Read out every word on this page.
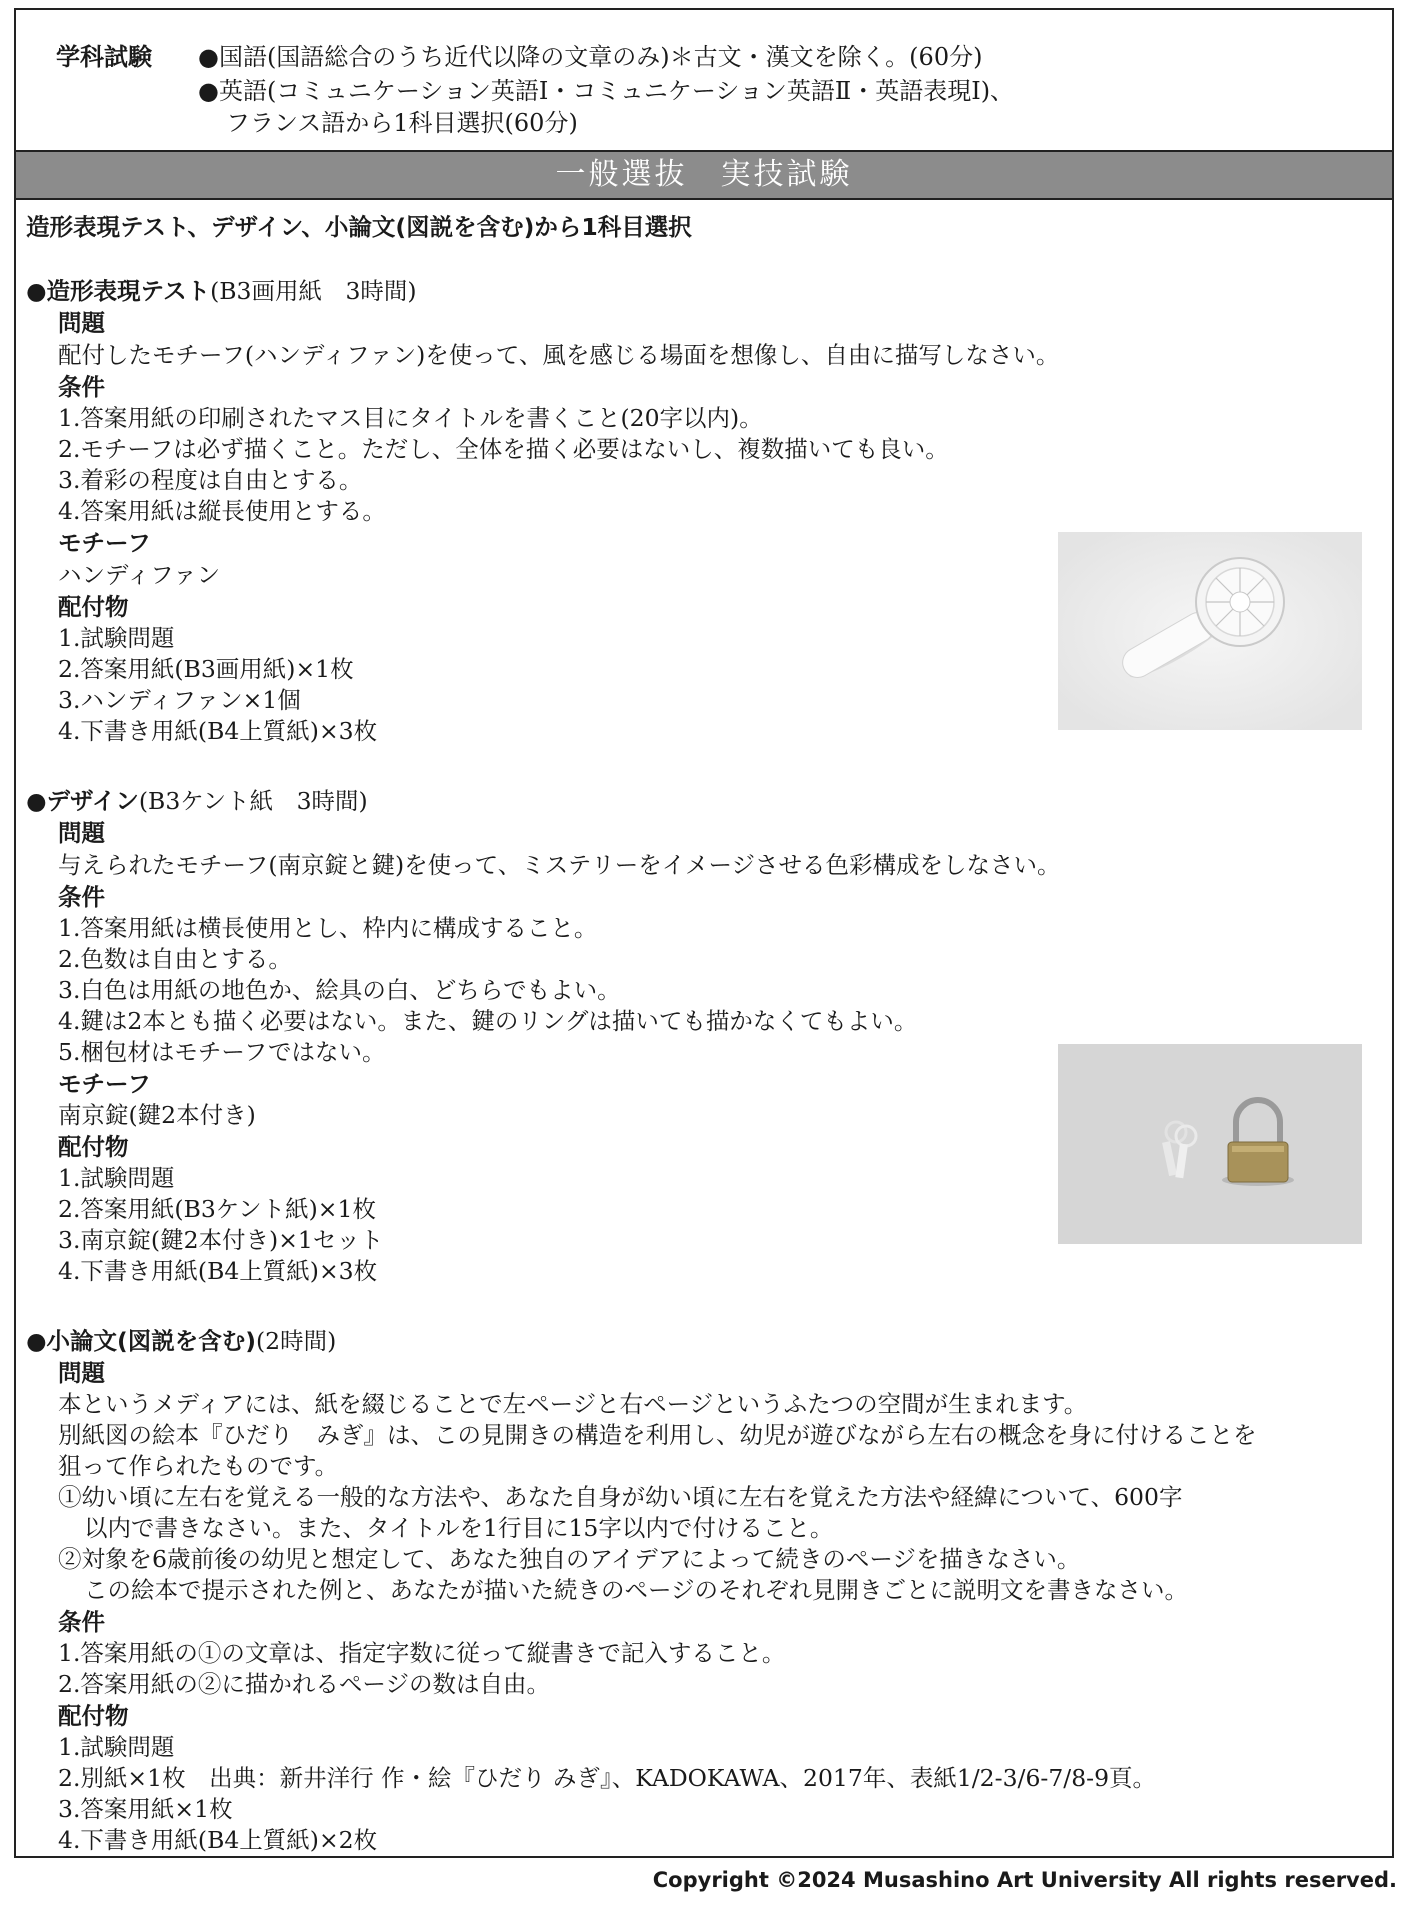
学科試験 ●国語(国語総合のうち近代以降の文章のみ)＊古文・漢文を除く。(60分)
●英語(コミュニケーション英語Ⅰ・コミュニケーション英語Ⅱ・英語表現Ⅰ)、
フランス語から1科目選択(60分)
一般選抜　実技試験
造形表現テスト、デザイン、小論文(図説を含む)から1科目選択
●造形表現テスト(B3画用紙　3時間)
問題
配付したモチーフ(ハンディファン)を使って、風を感じる場面を想像し、自由に描写しなさい。
条件
1.答案用紙の印刷されたマス目にタイトルを書くこと(20字以内)。
2.モチーフは必ず描くこと。ただし、全体を描く必要はないし、複数描いても良い。
3.着彩の程度は自由とする。
4.答案用紙は縦長使用とする。
モチーフ
ハンディファン
配付物
1.試験問題
2.答案用紙(B3画用紙)×1枚
3.ハンディファン×1個
4.下書き用紙(B4上質紙)×3枚
●デザイン(B3ケント紙　3時間)
問題
与えられたモチーフ(南京錠と鍵)を使って、ミステリーをイメージさせる色彩構成をしなさい。
条件
1.答案用紙は横長使用とし、枠内に構成すること。
2.色数は自由とする。
3.白色は用紙の地色か、絵具の白、どちらでもよい。
4.鍵は2本とも描く必要はない。また、鍵のリングは描いても描かなくてもよい。
5.梱包材はモチーフではない。
モチーフ
南京錠(鍵2本付き)
配付物
1.試験問題
2.答案用紙(B3ケント紙)×1枚
3.南京錠(鍵2本付き)×1セット
4.下書き用紙(B4上質紙)×3枚
●小論文(図説を含む)(2時間)
問題
本というメディアには、紙を綴じることで左ページと右ページというふたつの空間が生まれます。
別紙図の絵本『ひだり　みぎ』は、この見開きの構造を利用し、幼児が遊びながら左右の概念を身に付けることを
狙って作られたものです。
①幼い頃に左右を覚える一般的な方法や、あなた自身が幼い頃に左右を覚えた方法や経緯について、600字
以内で書きなさい。また、タイトルを1行目に15字以内で付けること。
②対象を6歳前後の幼児と想定して、あなた独自のアイデアによって続きのページを描きなさい。
この絵本で提示された例と、あなたが描いた続きのページのそれぞれ見開きごとに説明文を書きなさい。
条件
1.答案用紙の①の文章は、指定字数に従って縦書きで記入すること。
2.答案用紙の②に描かれるページの数は自由。
配付物
1.試験問題
2.別紙×1枚　出典：新井洋行 作・絵『ひだり みぎ』、KADOKAWA、2017年、表紙1/2-3/6-7/8-9頁。
3.答案用紙×1枚
4.下書き用紙(B4上質紙)×2枚
Copyright ©2024 Musashino Art University All rights reserved.
